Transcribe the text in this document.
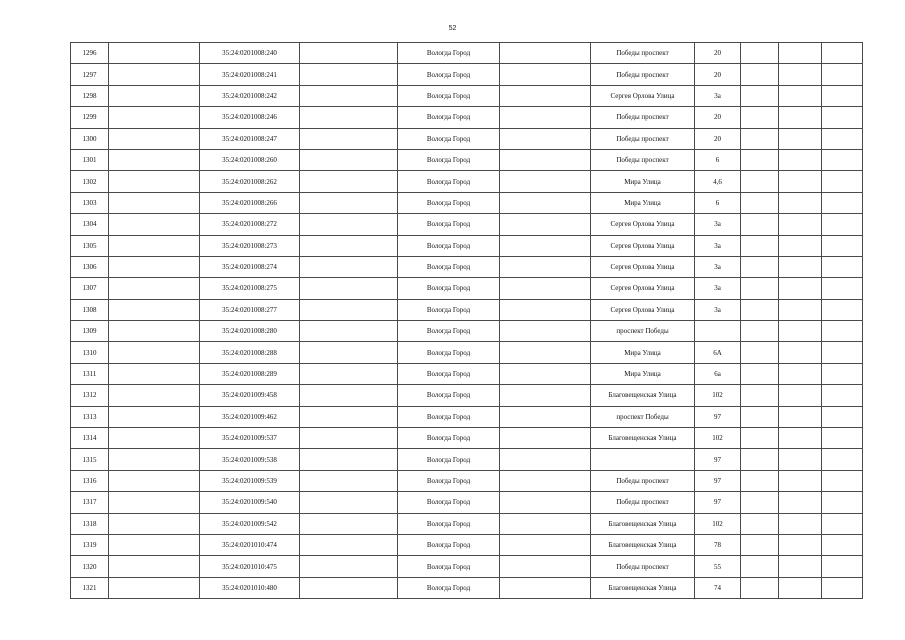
52
1296		35:24:0201008:240		Вологда Город		Победы проспект	20			
1297		35:24:0201008:241		Вологда Город		Победы проспект	20			
1298		35:24:0201008:242		Вологда Город		Сергея Орлова Улица	3а			
1299		35:24:0201008:246		Вологда Город		Победы проспект	20			
1300		35:24:0201008:247		Вологда Город		Победы проспект	20			
1301		35:24:0201008:260		Вологда Город		Победы проспект	6			
1302		35:24:0201008:262		Вологда Город		Мира Улица	4,6			
1303		35:24:0201008:266		Вологда Город		Мира Улица	6			
1304		35:24:0201008:272		Вологда Город		Сергея Орлова Улица	3а			
1305		35:24:0201008:273		Вологда Город		Сергея Орлова Улица	3а			
1306		35:24:0201008:274		Вологда Город		Сергея Орлова Улица	3а			
1307		35:24:0201008:275		Вологда Город		Сергея Орлова Улица	3а			
1308		35:24:0201008:277		Вологда Город		Сергея Орлова Улица	3а			
1309		35:24:0201008:280		Вологда Город		проспект Победы				
1310		35:24:0201008:288		Вологда Город		Мира Улица	6А			
1311		35:24:0201008:289		Вологда Город		Мира Улица	6а			
1312		35:24:0201009:458		Вологда Город		Благовещенская Улица	102			
1313		35:24:0201009:462		Вологда Город		проспект Победы	97			
1314		35:24:0201009:537		Вологда Город		Благовещенская Улица	102			
1315		35:24:0201009:538		Вологда Город			97			
1316		35:24:0201009:539		Вологда Город		Победы проспект	97			
1317		35:24:0201009:540		Вологда Город		Победы проспект	97			
1318		35:24:0201009:542		Вологда Город		Благовещенская Улица	102			
1319		35:24:0201010:474		Вологда Город		Благовещенская Улица	78			
1320		35:24:0201010:475		Вологда Город		Победы проспект	55			
1321		35:24:0201010:480		Вологда Город		Благовещенская Улица	74			
